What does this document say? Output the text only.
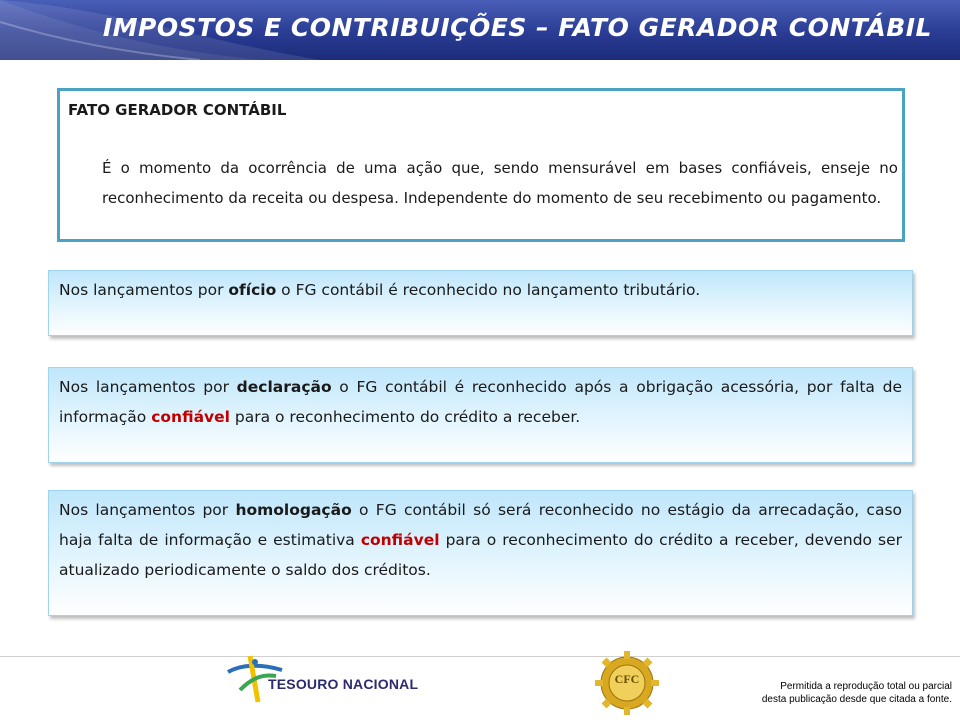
IMPOSTOS E CONTRIBUIÇÕES – FATO GERADOR CONTÁBIL
FATO GERADOR CONTÁBIL
É o momento da ocorrência de uma ação que, sendo mensurável em bases confiáveis, enseje no reconhecimento da receita ou despesa. Independente do momento de seu recebimento ou pagamento.
Nos lançamentos por ofício o FG contábil é reconhecido no lançamento tributário.
Nos lançamentos por declaração o FG contábil é reconhecido após a obrigação acessória, por falta de informação confiável para o reconhecimento do crédito a receber.
Nos lançamentos por homologação o FG contábil só será reconhecido no estágio da arrecadação, caso haja falta de informação e estimativa confiável para o reconhecimento do crédito a receber, devendo ser atualizado periodicamente o saldo dos créditos.
TESOURO NACIONAL	CFC
Permitida a reprodução total ou parcial
desta publicação desde que citada a fonte.
